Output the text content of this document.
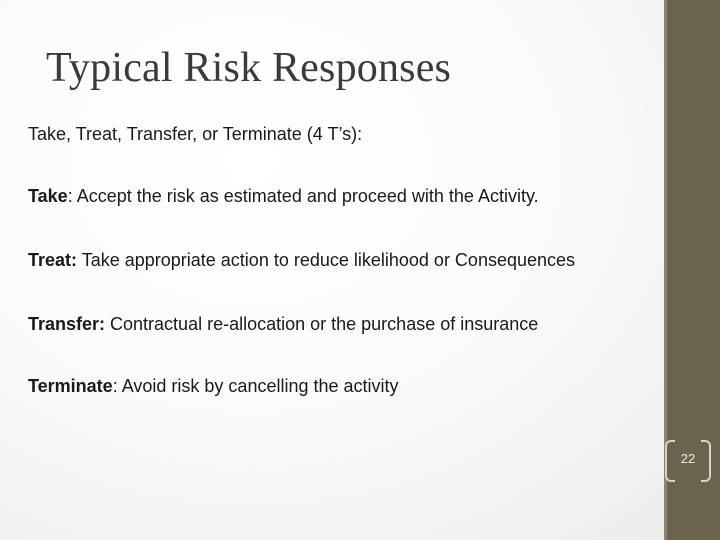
Typical Risk Responses
Take, Treat, Transfer, or Terminate (4 T’s):
Take: Accept the risk as estimated and proceed with the Activity.
Treat: Take appropriate action to reduce likelihood or Consequences
Transfer: Contractual re-allocation or the purchase of insurance
Terminate: Avoid risk by cancelling the activity
22
